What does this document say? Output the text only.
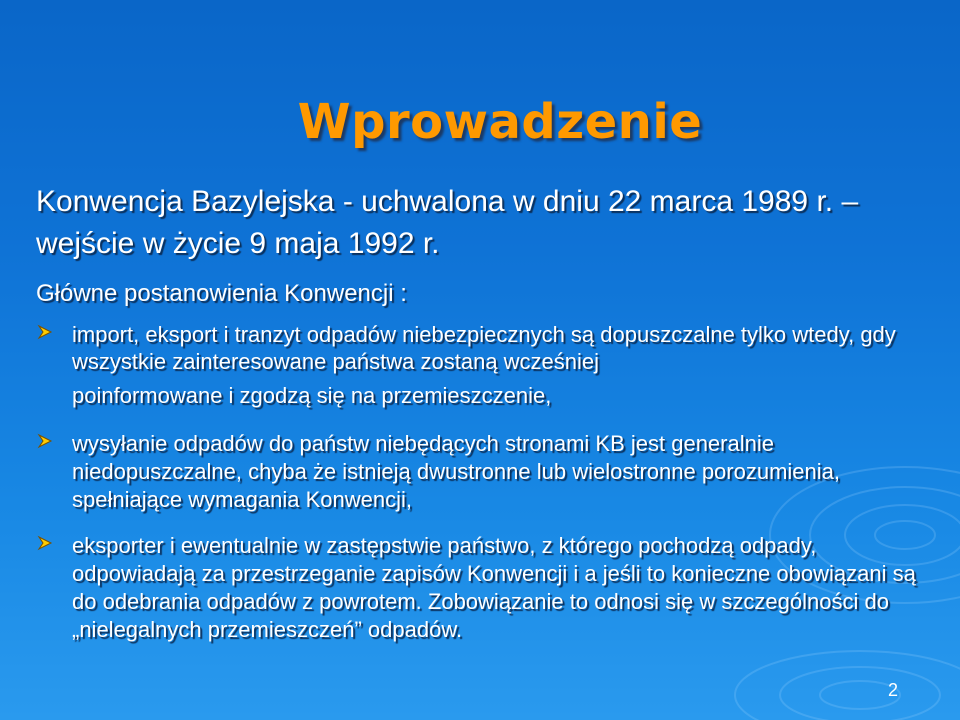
Wprowadzenie

Konwencja Bazylejska - uchwalona w dniu 22 marca 1989 r. – wejście w życie 9 maja 1992 r.

Główne postanowienia Konwencji :

import, eksport i tranzyt odpadów niebezpiecznych są dopuszczalne tylko wtedy, gdy wszystkie zainteresowane państwa zostaną wcześniej
poinformowane i zgodzą się na przemieszczenie,
wysyłanie odpadów do państw niebędących stronami KB jest generalnie niedopuszczalne, chyba że istnieją dwustronne lub wielostronne porozumienia, spełniające wymagania Konwencji,
eksporter i ewentualnie w zastępstwie państwo, z którego pochodzą odpady, odpowiadają za przestrzeganie zapisów Konwencji i a jeśli to konieczne obowiązani są do odebrania odpadów z powrotem. Zobowiązanie to odnosi się w szczególności do „nielegalnych przemieszczeń” odpadów.
2
